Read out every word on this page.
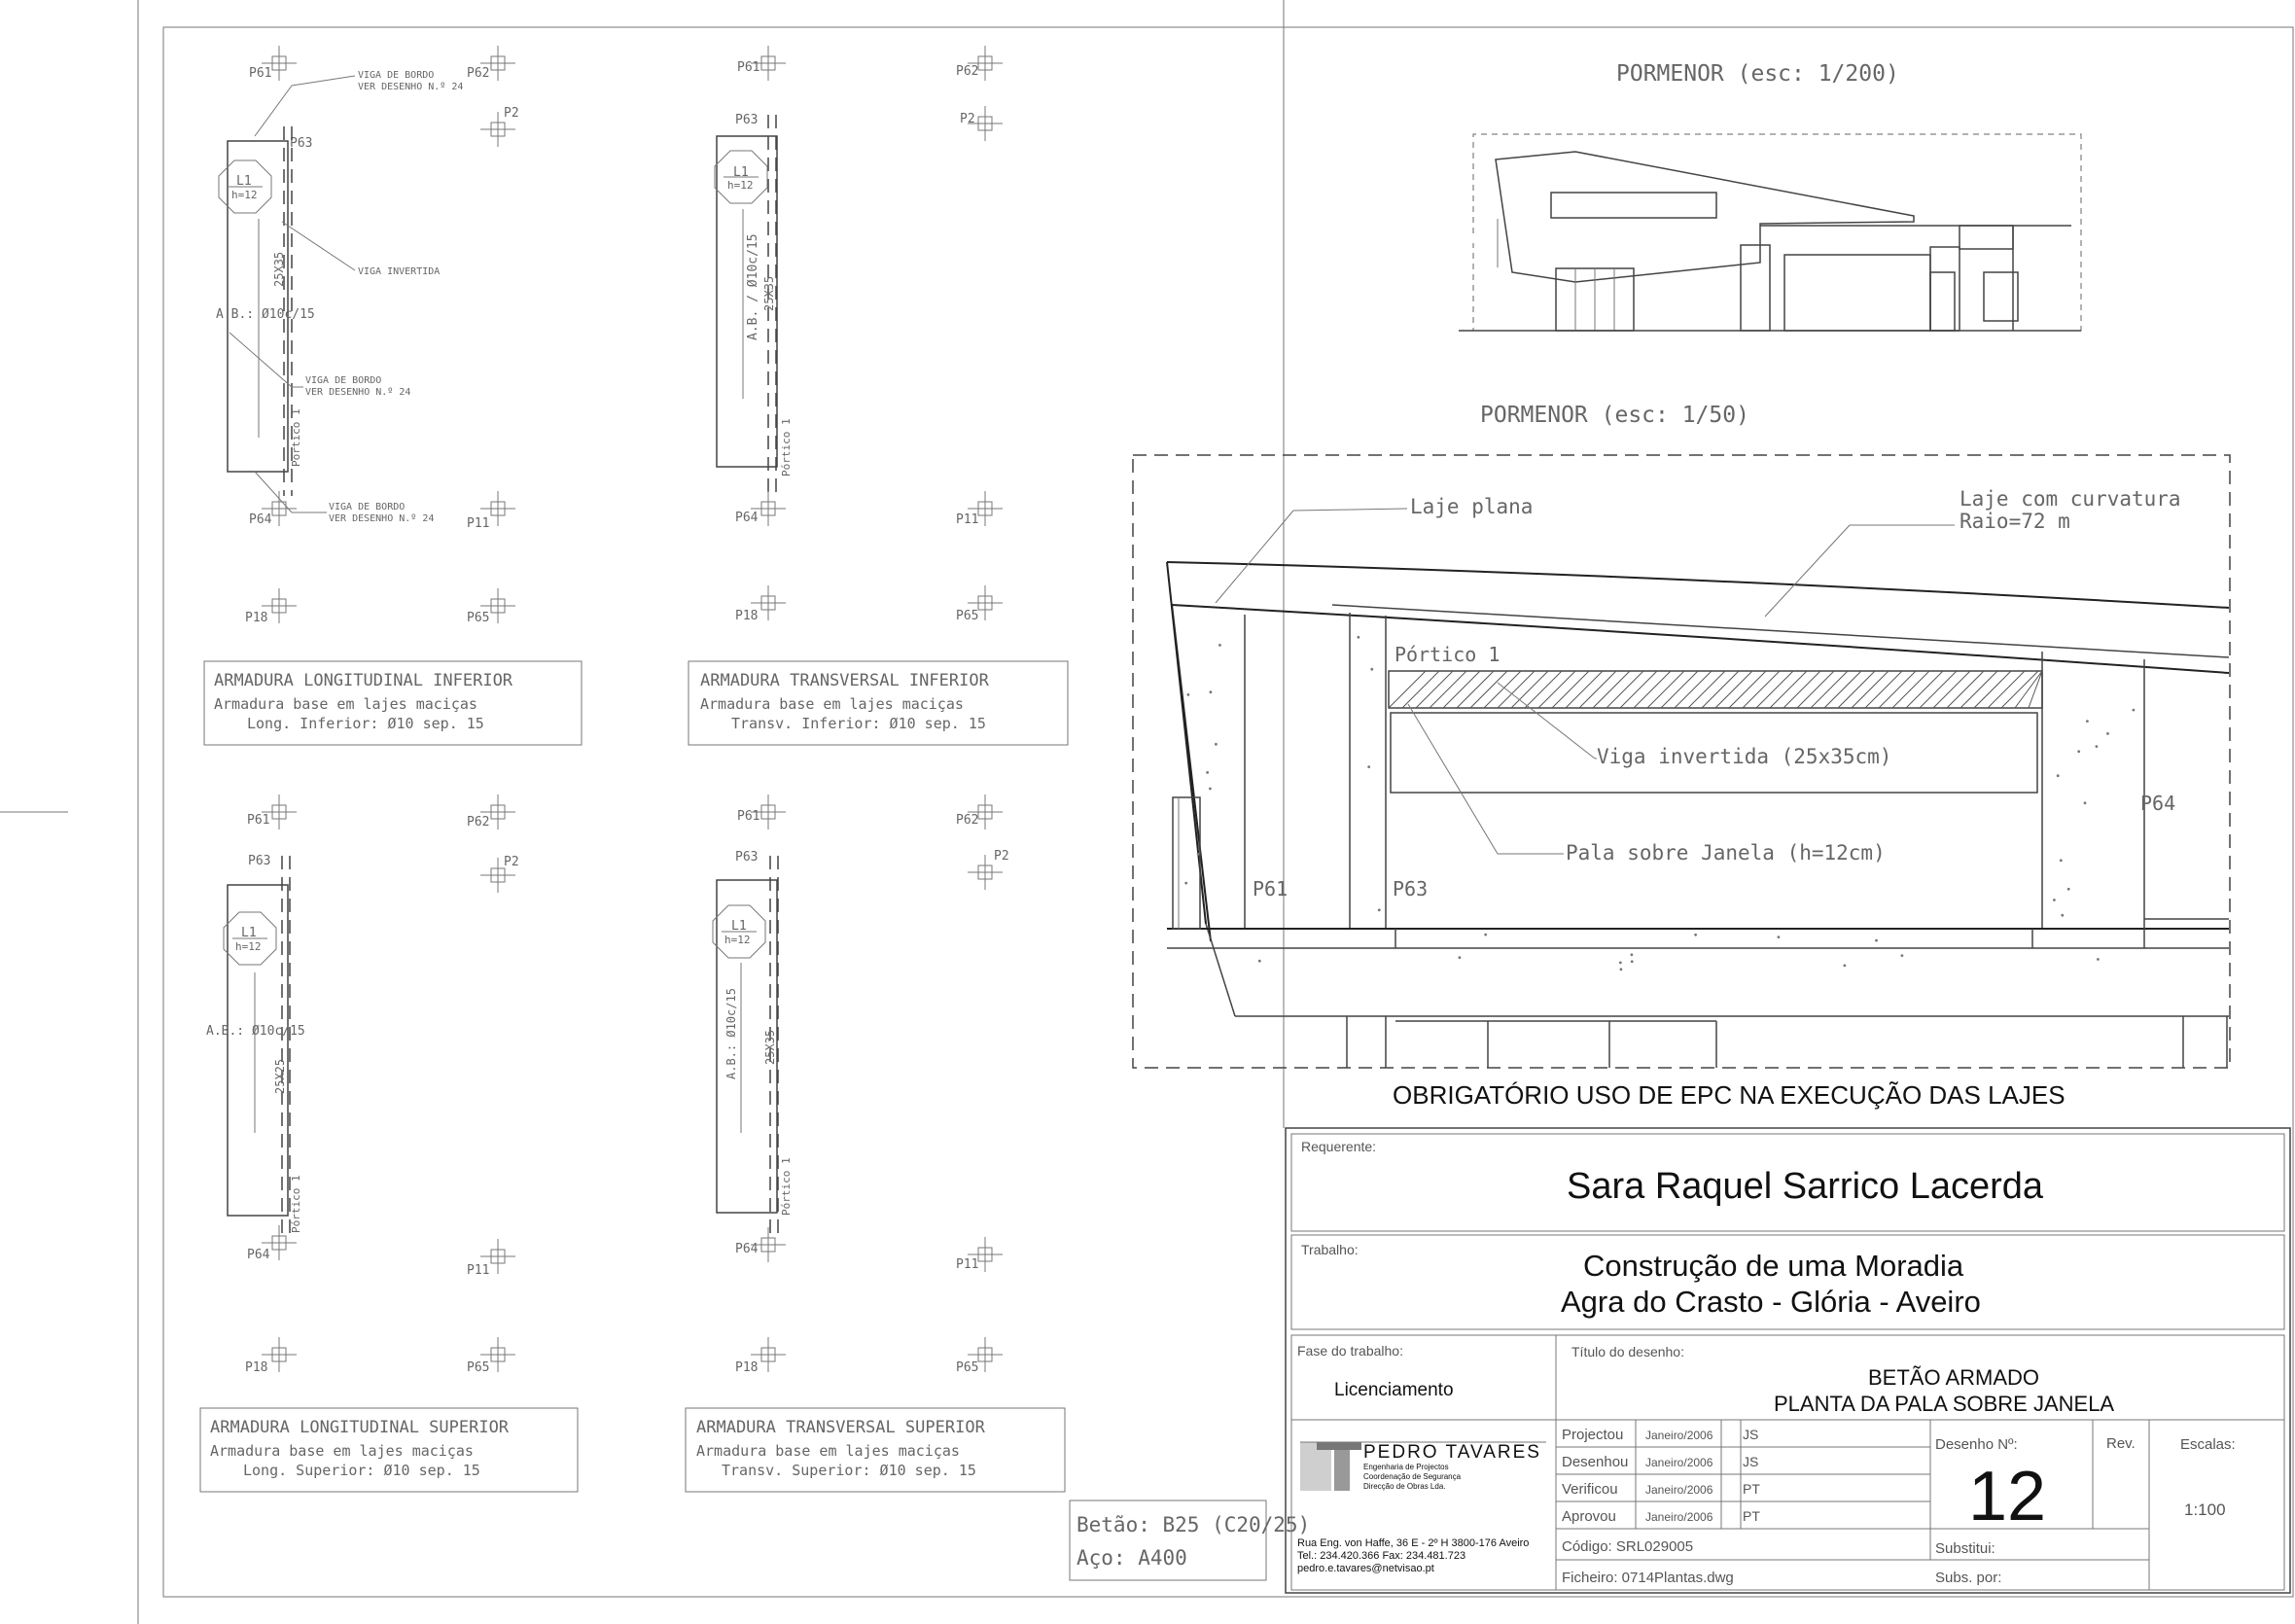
P61	P62
P2
P63
L1
h=12
A.B.: Ø10c/15
25X35
Pórtico 1
P64	P11
P18	P65
VIGA DE BORDO
VER DESENHO N.º 24
VIGA INVERTIDA
VIGA DE BORDO
VER DESENHO N.º 24
VIGA DE BORDO
VER DESENHO N.º 24
ARMADURA LONGITUDINAL INFERIOR
Armadura base em lajes maciças
Long. Inferior: Ø10 sep. 15
P61	P62
P2
P63
L1
h=12
A.B. / Ø10c/15 25X35
Pórtico 1
P64	P11
P18	P65
ARMADURA TRANSVERSAL INFERIOR
Armadura base em lajes maciças
Transv. Inferior: Ø10 sep. 15
P61	P62
P2
P63
L1
h=12
A.B.: Ø10c/15
25X25
Pórtico 1
P64
P11
P18	P65
ARMADURA LONGITUDINAL SUPERIOR
Armadura base em lajes maciças
Long. Superior: Ø10 sep. 15
P61	P62
P2
P63
L1
h=12
A.B.: Ø10c/15 25X35
Pórtico 1
P64
P11
P18	P65
ARMADURA TRANSVERSAL SUPERIOR
Armadura base em lajes maciças
Transv. Superior: Ø10 sep. 15
Betão: B25 (C20/25)
Aço: A400
PORMENOR (esc: 1/200)
PORMENOR (esc: 1/50)
Laje plana	Laje com curvatura
Raio=72 m
Pórtico 1
Viga invertida (25x35cm)
Pala sobre Janela (h=12cm)
P61	P63
P64
OBRIGATÓRIO USO DE EPC NA EXECUÇÃO DAS LAJES
Requerente:
Sara Raquel Sarrico Lacerda
Trabalho:	Construção de uma Moradia
Agra do Crasto - Glória - Aveiro
Fase do trabalho:
Licenciamento
Título do desenho:
BETÃO ARMADO
PLANTA DA PALA SOBRE JANELA
PEDRO TAVARES
Engenharia de Projectos
Coordenação de Segurança
Direcção de Obras Lda.
Rua Eng. von Haffe, 36 E - 2º H 3800-176 Aveiro
Tel.: 234.420.366 Fax: 234.481.723
pedro.e.tavares@netvisao.pt
Projectou Janeiro/2006 JS
Desenhou Janeiro/2006 JS
Verificou Janeiro/2006 PT
Aprovou	Janeiro/2006 PT
Código: SRL029005
Ficheiro: 0714Plantas.dwg
Desenho Nº:
12
Rev.	Escalas:
1:100
Substitui:
Subs. por:
